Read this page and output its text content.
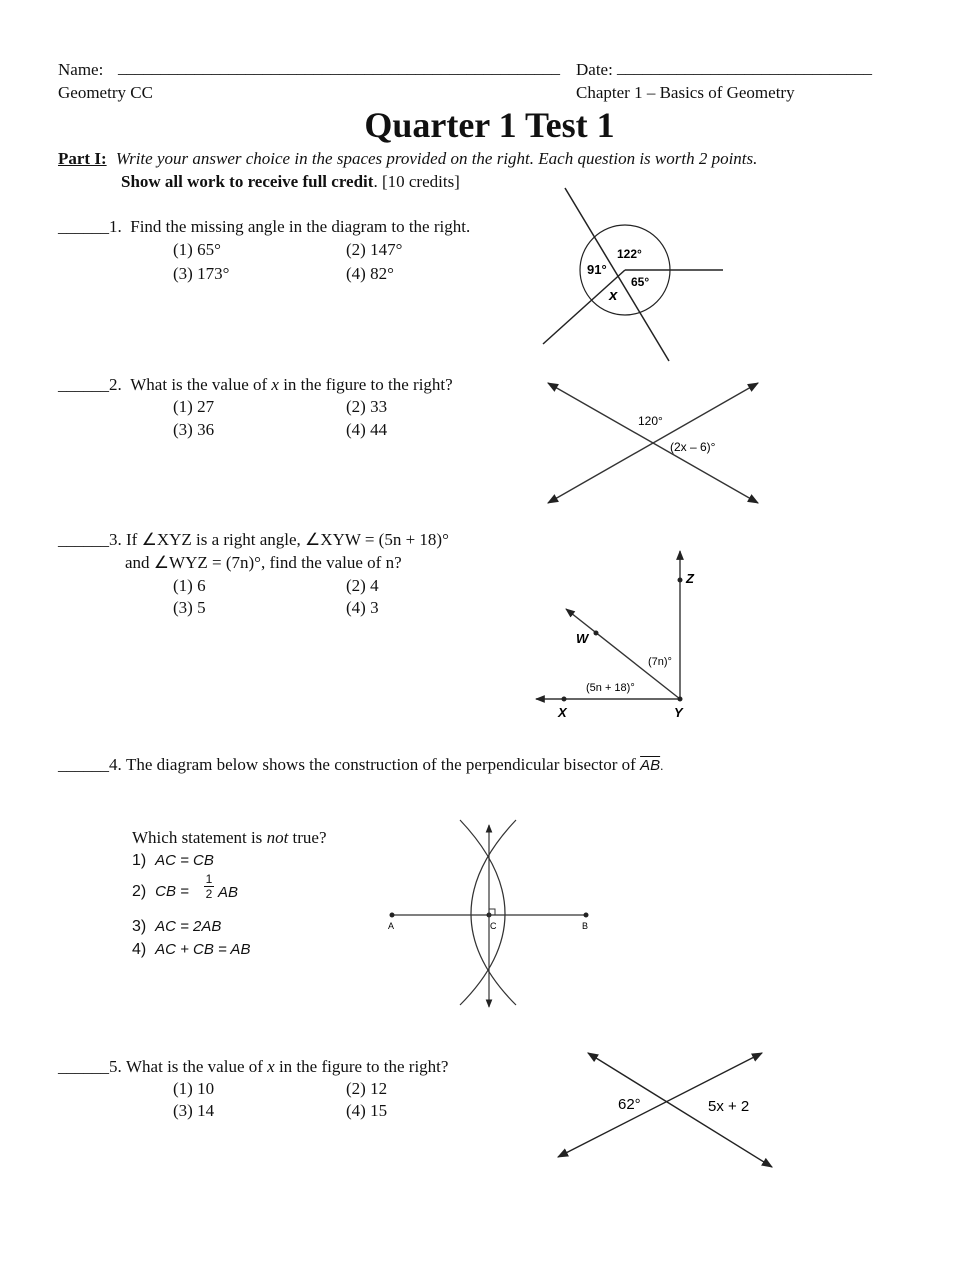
Name: ____________________________________________________ Date: ______________________________
Geometry CC	Chapter 1 – Basics of Geometry
Quarter 1 Test 1
Part I: Write your answer choice in the spaces provided on the right. Each question is worth 2 points.
Show all work to receive full credit. [10 credits]
______1. Find the missing angle in the diagram to the right.
(1) 65°	(2) 147°
(3) 173°	(4) 82°
122°
91°
65°
x
______2. What is the value of x in the figure to the right?
(1) 27	(2) 33
(3) 36	(4) 44	120°
(2x – 6)°
______3. If ∠XYZ is a right angle, ∠XYW = (5n + 18)°
and ∠WYZ = (7n)°, find the value of n?
(1) 6	(2) 4
(3) 5	(4) 3
Z
W
X	Y
(7n)°
(5n + 18)°
______4. The diagram below shows the construction of the perpendicular bisector of $\overline{AB}$.
Which statement is not true?
1) AC = CB
2) CB = $\frac{1}{2}$ AB
3) AC = 2AB
4) AC + CB = AB
A	C	B
______5. What is the value of x in the figure to the right?
(1) 10	(2) 12
(3) 14	(4) 15	62°	5x + 2
